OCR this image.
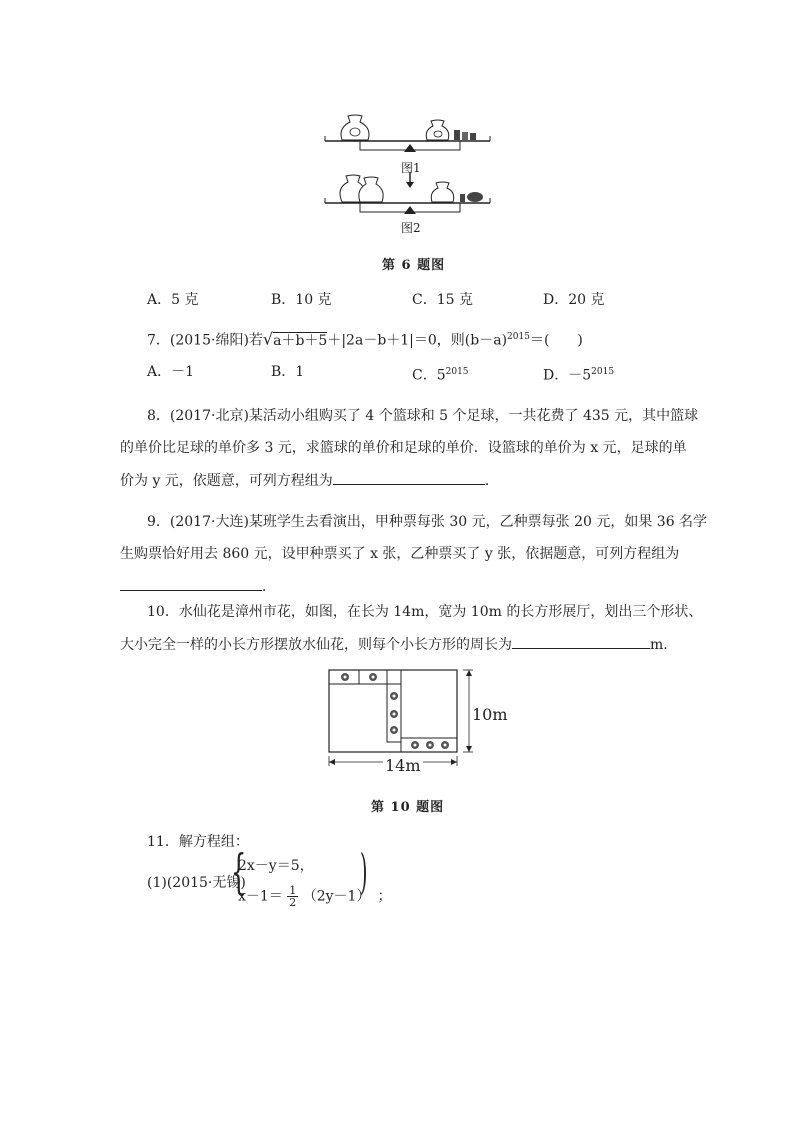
图1
图2
第 6 题图
A．5 克	B．10 克	C．15 克	D．20 克
7．(2015·绵阳)若√a＋b＋5＋|2a－b＋1|＝0，则$(b-a)^{2015}=$(　　)
A．－1	B．1	C．$5^{2015}$	D．$-5^{2015}$
8．(2017·北京)某活动小组购买了 4 个篮球和 5 个足球，一共花费了 435 元，其中篮球
的单价比足球的单价多 3 元，求篮球的单价和足球的单价．设篮球的单价为 x 元，足球的单
价为 y 元，依题意，可列方程组为	．
9．(2017·大连)某班学生去看演出，甲种票每张 30 元，乙种票每张 20 元，如果 36 名学
生购票恰好用去 860 元，设甲种票买了 x 张，乙种票买了 y 张，依据题意，可列方程组为
．
10．水仙花是漳州市花，如图，在长为 14m，宽为 10m 的长方形展厅，划出三个形状、
大小完全一样的小长方形摆放水仙花，则每个小长方形的周长为	m.
10m
14m
第 10 题图
11．解方程组：
(1)(2015·无锡)
{
2x－y＝5，
$x-1= \frac{1}{2} (2y-1)$　；
)
